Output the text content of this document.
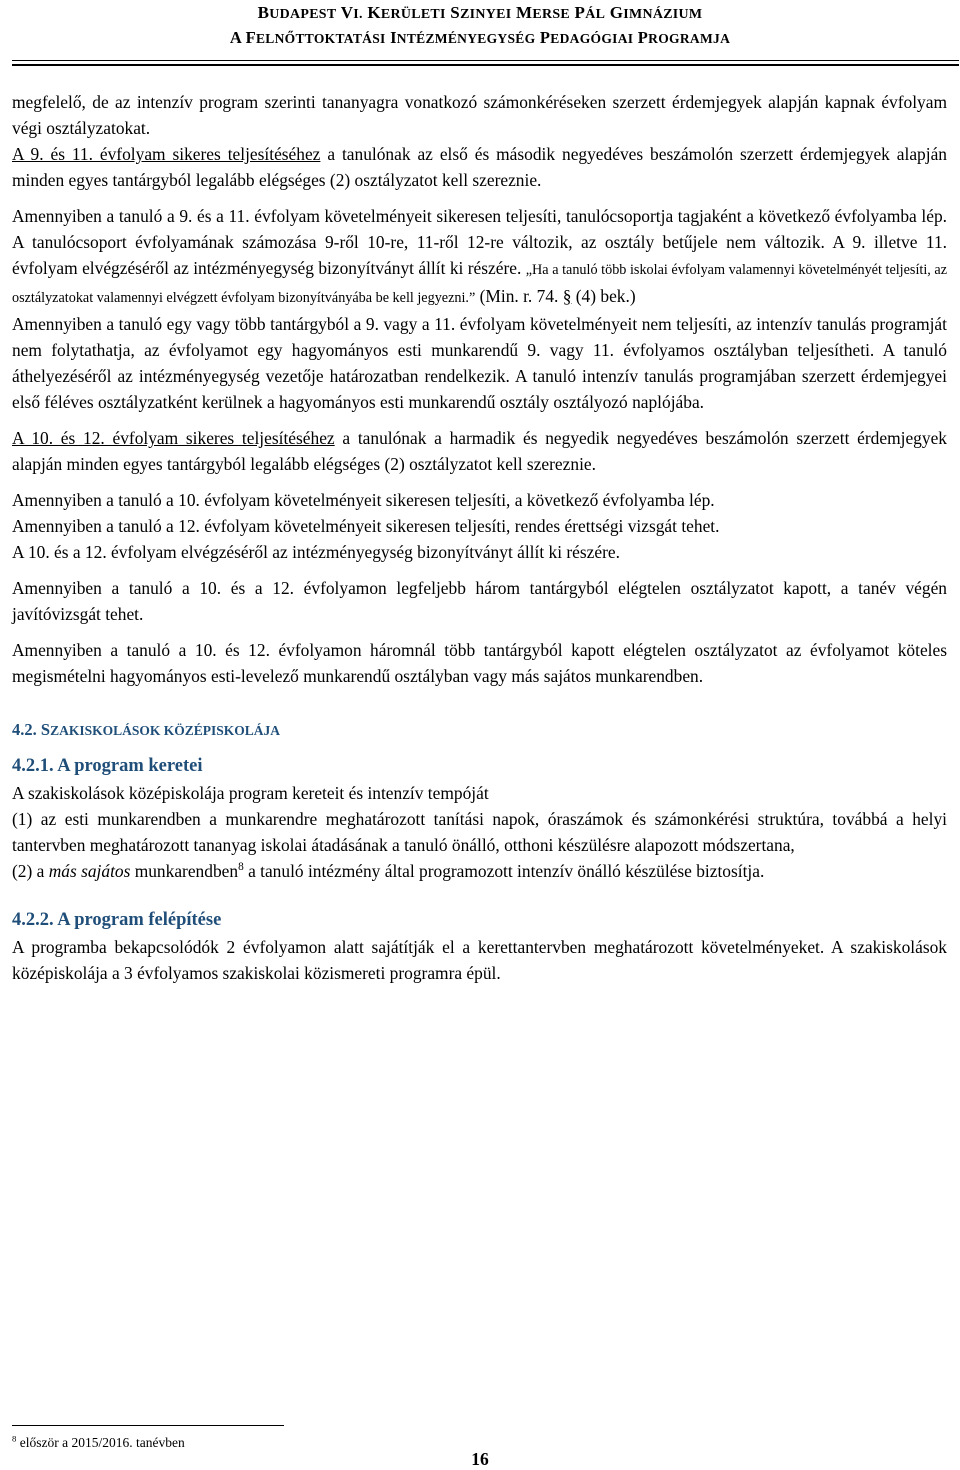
BUDAPEST VI. KERÜLETI SZINYEI MERSE PÁL GIMNÁZIUM
A FELNŐTTOKTATÁSI INTÉZMÉNYEGYSÉG PEDAGÓGIAI PROGRAMJA

megfelelő, de az intenzív program szerinti tananyagra vonatkozó számonkéréseken szerzett érdemjegyek alapján kapnak évfolyam végi osztályzatokat.

A 9. és 11. évfolyam sikeres teljesítéséhez a tanulónak az első és második negyedéves beszámolón szerzett érdemjegyek alapján minden egyes tantárgyból legalább elégséges (2) osztályzatot kell szereznie.

Amennyiben a tanuló a 9. és a 11. évfolyam követelményeit sikeresen teljesíti, tanulócsoportja tagjaként a következő évfolyamba lép. A tanulócsoport évfolyamának számozása 9-ről 10-re, 11-ről 12-re változik, az osztály betűjele nem változik. A 9. illetve 11. évfolyam elvégzéséről az intézményegység bizonyítványt állít ki részére. „Ha a tanuló több iskolai évfolyam valamennyi követelményét teljesíti, az osztályzatokat valamennyi elvégzett évfolyam bizonyítványába be kell jegyezni.” (Min. r. 74. § (4) bek.)

Amennyiben a tanuló egy vagy több tantárgyból a 9. vagy a 11. évfolyam követelményeit nem teljesíti, az intenzív tanulás programját nem folytathatja, az évfolyamot egy hagyományos esti munkarendű 9. vagy 11. évfolyamos osztályban teljesítheti. A tanuló áthelyezéséről az intézményegység vezetője határozatban rendelkezik. A tanuló intenzív tanulás programjában szerzett érdemjegyei első féléves osztályzatként kerülnek a hagyományos esti munkarendű osztály osztályozó naplójába.

A 10. és 12. évfolyam sikeres teljesítéséhez a tanulónak a harmadik és negyedik negyedéves beszámolón szerzett érdemjegyek alapján minden egyes tantárgyból legalább elégséges (2) osztályzatot kell szereznie.

Amennyiben a tanuló a 10. évfolyam követelményeit sikeresen teljesíti, a következő évfolyamba lép.

Amennyiben a tanuló a 12. évfolyam követelményeit sikeresen teljesíti, rendes érettségi vizsgát tehet.

A 10. és a 12. évfolyam elvégzéséről az intézményegység bizonyítványt állít ki részére.

Amennyiben a tanuló a 10. és a 12. évfolyamon legfeljebb három tantárgyból elégtelen osztályzatot kapott, a tanév végén javítóvizsgát tehet.

Amennyiben a tanuló a 10. és 12. évfolyamon háromnál több tantárgyból kapott elégtelen osztályzatot az évfolyamot köteles megismételni hagyományos esti-levelező munkarendű osztályban vagy más sajátos munkarendben.

4.2. SZAKISKOLÁSOK KÖZÉPISKOLÁJA

4.2.1. A program keretei

A szakiskolások középiskolája program kereteit és intenzív tempóját

(1) az esti munkarendben a munkarendre meghatározott tanítási napok, óraszámok és számonkérési struktúra, továbbá a helyi tantervben meghatározott tananyag iskolai átadásának a tanuló önálló, otthoni készülésre alapozott módszertana,

(2) a más sajátos munkarendben$^8$ a tanuló intézmény által programozott intenzív önálló készülése biztosítja.

4.2.2. A program felépítése

A programba bekapcsolódók 2 évfolyamon alatt sajátítják el a kerettantervben meghatározott követelményeket. A szakiskolások középiskolája a 3 évfolyamos szakiskolai közismereti programra épül.

$^8$ először a 2015/2016. tanévben
16
